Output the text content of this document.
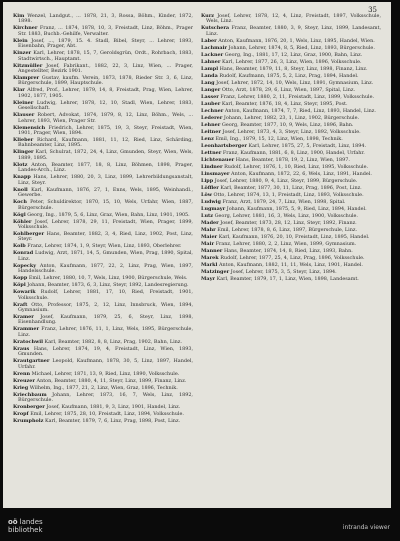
35
Kim Wenzel, Landgut., ... 1878, 21, 3, Rossa, Böhm., Kinder, 1872, 1898.
Kirchner Franz, ... 1874, 1878, 10, 3, Freistadt, Linz, Böhm., Prager Str. 1883, Buchb.-Gehilfe, Verwalter.
Klein Josef, ..., 1879, 15. 4. Stadl, Bibel, Steyr, ... Lehrer, 1893, Eisenbahn, Prager, Abt.
Kinzer Karl, Lehrer, 1878, 15, 7, Geroldsgrün, Ordt., Rohrbach, 1883, Stadtwirtsch., Hauptamt.
Kitzmüller Josef, Fabrikant., 1882, 22, 3, Linz, Wien, ... Prager, Angestellter, Bezirk 1901.
Klamprer Gustav, kaufm. Verein, 1873, 1878, Rieder Str. 3, 6, Linz, Bürgerschule, 1899, Hauptschule.
Klar Alfred, Prof., Lehrer, 1879, 14, 8, Freistadt, Prag, Wien, Lehrer, 1902, 1877, 1905.
Kleiner Ludwig, Lehrer, 1878, 12, 10, Stadl, Wien, Lehrer, 1883, Gesellschaft.
Klauser Robert, Advokat, 1874, 1879, 8, 12, Linz, Böhm., Wels, ... Lehrer, 1893, Wien, Prager Str.
Klemensich Friedrich, Lehrer, 1875, 19, 3, Steyr, Freistadt, Wien, 1901, Prager, Wien, 1894.
Klieber Richard, Kaufmann, 1881, 11, 12, Ried, Linz, Schärding, Bahnbeamter, Linz, 1895.
Klinger Karl, Schulrat, 1872, 24, 4, Linz, Gmunden, Steyr, Wien, Wels, 1889, 1895.
Klotz Anton, Beamter, 1877, 18, 8, Linz, Böhmen, 1898, Prager, Landes-Arch., Linz.
Knapp Hans, Lehrer, 1880, 20, 3, Linz, 1899, Lehrerbildungsanstalt, Linz, Steyr.
Knoll Karl, Kaufmann, 1876, 27, 1, Enns, Wels, 1895, Weinhandl., Gewerbe.
Koch Peter, Schuldirektor, 1870, 15, 10, Wels, Urfahr, Wien, 1887, Bürgerschule.
Kögl Georg, Ing., 1879, 5, 6, Linz, Graz, Wien, Bahn, Linz, 1901, 1905.
Köhler Josef, Lehrer, 1878, 29, 11, Freistadt, Wien, Prager, 1899, Volksschule.
Kohlberger Hans, Beamter, 1882, 3, 4, Ried, Linz, 1902, Post, Linz, Steyr.
Kolb Franz, Lehrer, 1874, 1, 9, Steyr, Wien, Linz, 1893, Oberlehrer.
Konrad Ludwig, Arzt, 1871, 14, 5, Gmunden, Wien, Prag, 1890, Spital, Linz.
Kopecky Anton, Kaufmann, 1877, 22, 2, Linz, Prag, Wien, 1897, Handelsschule.
Kopp Emil, Lehrer, 1880, 10, 7, Wels, Linz, 1900, Bürgerschule, Wels.
Köpl Johann, Beamter, 1873, 6, 3, Linz, Steyr, 1892, Landesregierung.
Kowarik Rudolf, Lehrer, 1881, 17, 10, Ried, Freistadt, 1901, Volksschule.
Kraft Otto, Professor, 1875, 2, 12, Linz, Innsbruck, Wien, 1894, Gymnasium.
Kramer Josef, Kaufmann, 1879, 25, 6, Steyr, Linz, 1898, Eisenhandlung.
Krammer Franz, Lehrer, 1876, 11, 1, Linz, Wels, 1895, Bürgerschule, Linz.
Kratochwil Karl, Beamter, 1882, 8, 8, Linz, Prag, 1902, Bahn, Linz.
Kraus Hans, Lehrer, 1874, 19, 4, Freistadt, Linz, Wien, 1893, Gmunden.
Krautgartner Leopold, Kaufmann, 1878, 30, 5, Linz, 1897, Handel, Urfahr.
Krenn Michael, Lehrer, 1871, 13, 9, Ried, Linz, 1890, Volksschule.
Kreuzer Anton, Beamter, 1880, 4, 11, Steyr, Linz, 1899, Finanz, Linz.
Krieg Wilhelm, Ing., 1877, 21, 2, Linz, Wien, Graz, 1896, Technik.
Kriechbaum Johann, Lehrer, 1873, 16, 7, Wels, Linz, 1892, Bürgerschule.
Kronberger Josef, Kaufmann, 1881, 9, 3, Linz, 1901, Handel, Linz.
Kropf Emil, Lehrer, 1875, 28, 10, Freistadt, Linz, 1894, Volksschule.
Krumpholz Karl, Beamter, 1879, 7, 6, Linz, Prag, 1898, Post, Linz.
Kurz Josef, Lehrer, 1878, 12, 4, Linz, Freistadt, 1897, Volksschule, Wels, Linz.
Kutschera Franz, Beamter, 1880, 3, 9, Steyr, Linz, 1899, Landesamt, Linz.
Laber Anton, Kaufmann, 1876, 20, 1, Wels, Linz, 1895, Handel, Wien.
Lachmair Johann, Lehrer, 1874, 8, 5, Ried, Linz, 1893, Bürgerschule.
Lackner Georg, Ing., 1881, 17, 12, Linz, Graz, 1900, Bahn, Linz.
Lahner Karl, Lehrer, 1877, 26, 3, Linz, Wien, 1896, Volksschule.
Lampl Hans, Beamter, 1879, 11, 8, Steyr, Linz, 1898, Finanz, Linz.
Landa Rudolf, Kaufmann, 1875, 5, 2, Linz, Prag, 1894, Handel.
Lang Josef, Lehrer, 1872, 14, 10, Wels, Linz, 1891, Gymnasium, Linz.
Langer Otto, Arzt, 1878, 29, 6, Linz, Wien, 1897, Spital, Linz.
Lasser Franz, Lehrer, 1880, 2, 11, Freistadt, Linz, 1899, Volksschule.
Lauber Karl, Beamter, 1876, 18, 4, Linz, Steyr, 1895, Post.
Lechner Anton, Kaufmann, 1874, 7, 7, Ried, Linz, 1893, Handel, Linz.
Lederer Johann, Lehrer, 1882, 23, 1, Linz, 1902, Bürgerschule.
Lehner Georg, Beamter, 1877, 10, 9, Wels, Linz, 1896, Bahn.
Leitner Josef, Lehrer, 1873, 4, 3, Steyr, Linz, 1892, Volksschule.
Lenz Emil, Ing., 1879, 15, 12, Linz, Wien, 1898, Technik.
Leonhartsberger Karl, Lehrer, 1875, 27, 5, Freistadt, Linz, 1894.
Lettner Franz, Kaufmann, 1881, 6, 8, Linz, 1900, Handel, Urfahr.
Lichtenauer Hans, Beamter, 1878, 19, 2, Linz, Wien, 1897.
Lindner Rudolf, Lehrer, 1876, 1, 10, Ried, Linz, 1895, Volksschule.
Linsmayer Anton, Kaufmann, 1872, 22, 6, Wels, Linz, 1891, Handel.
Lipp Josef, Lehrer, 1880, 9, 4, Linz, Steyr, 1899, Bürgerschule.
Löffler Karl, Beamter, 1877, 30, 11, Linz, Prag, 1896, Post, Linz.
Löw Otto, Lehrer, 1874, 13, 1, Freistadt, Linz, 1893, Volksschule.
Ludwig Franz, Arzt, 1879, 24, 7, Linz, Wien, 1898, Spital.
Lugmayr Johann, Kaufmann, 1875, 5, 9, Ried, Linz, 1894, Handel.
Lutz Georg, Lehrer, 1881, 16, 3, Wels, Linz, 1900, Volksschule.
Mader Josef, Beamter, 1873, 28, 12, Linz, Steyr, 1892, Finanz.
Mahr Emil, Lehrer, 1878, 8, 6, Linz, 1897, Bürgerschule, Linz.
Maier Karl, Kaufmann, 1876, 20, 10, Freistadt, Linz, 1895, Handel.
Mair Franz, Lehrer, 1880, 2, 2, Linz, Wien, 1899, Gymnasium.
Manner Hans, Beamter, 1874, 14, 8, Ried, Linz, 1893, Bahn.
Marek Rudolf, Lehrer, 1877, 25, 4, Linz, Prag, 1896, Volksschule.
Markl Anton, Kaufmann, 1882, 11, 11, Wels, Linz, 1901, Handel.
Matzinger Josef, Lehrer, 1875, 3, 5, Steyr, Linz, 1894.
Mayr Karl, Beamter, 1879, 17, 1, Linz, Wien, 1898, Landesamt.
oö landes
bibliothek	intranda viewer
